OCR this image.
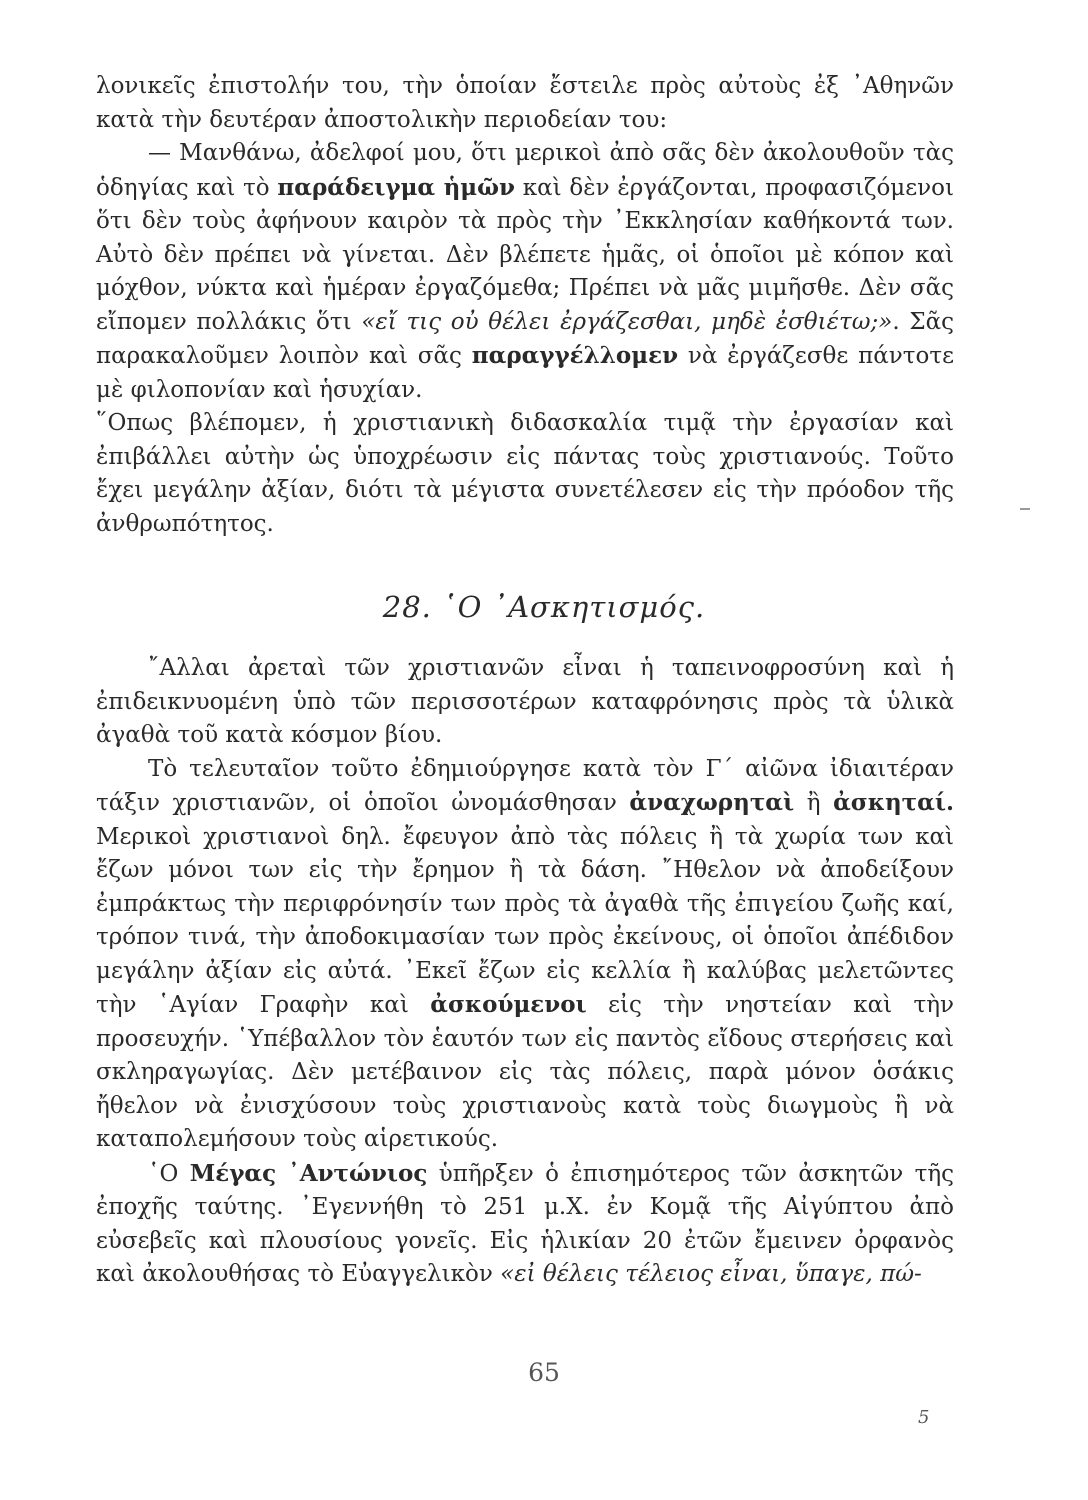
λονικεῖς ἐπιστολήν του, τὴν ὁποίαν ἔστειλε πρὸς αὐτοὺς ἐξ ᾿Αθηνῶν κατὰ τὴν δευτέραν ἀποστολικὴν περιοδείαν του:

— Μανθάνω, ἀδελφοί μου, ὅτι μερικοὶ ἀπὸ σᾶς δὲν ἀκολουθοῦν τὰς ὁδηγίας καὶ τὸ παράδειγμα ἡμῶν καὶ δὲν ἐργάζονται, προφασιζόμενοι ὅτι δὲν τοὺς ἀφήνουν καιρὸν τὰ πρὸς τὴν ᾿Εκκλησίαν καθήκοντά των. Αὐτὸ δὲν πρέπει νὰ γίνεται. Δὲν βλέπετε ἡμᾶς, οἱ ὁποῖοι μὲ κόπον καὶ μόχθον, νύκτα καὶ ἡμέραν ἐργαζόμεθα; Πρέπει νὰ μᾶς μιμῆσθε. Δὲν σᾶς εἴπομεν πολλάκις ὅτι «εἴ τις οὐ θέλει ἐργάζεσθαι, μηδὲ ἐσθιέτω;». Σᾶς παρακαλοῦμεν λοιπὸν καὶ σᾶς παραγγέλλομεν νὰ ἐργάζεσθε πάντοτε μὲ φιλοπονίαν καὶ ἡσυχίαν.

῞Οπως βλέπομεν, ἡ χριστιανικὴ διδασκαλία τιμᾷ τὴν ἐργασίαν καὶ ἐπιβάλλει αὐτὴν ὡς ὑποχρέωσιν εἰς πάντας τοὺς χριστιανούς. Τοῦτο ἔχει μεγάλην ἀξίαν, διότι τὰ μέγιστα συνετέλεσεν εἰς τὴν πρόοδον τῆς ἀνθρωπότητος.

28. ῾Ο ᾿Ασκητισμός.

῎Αλλαι ἀρεταὶ τῶν χριστιανῶν εἶναι ἡ ταπεινοφροσύνη καὶ ἡ ἐπιδεικνυομένη ὑπὸ τῶν περισσοτέρων καταφρόνησις πρὸς τὰ ὑλικὰ ἀγαθὰ τοῦ κατὰ κόσμον βίου.

Τὸ τελευταῖον τοῦτο ἐδημιούργησε κατὰ τὸν Γ´ αἰῶνα ἰδιαιτέραν τάξιν χριστιανῶν, οἱ ὁποῖοι ὠνομάσθησαν ἀναχωρηταὶ ἢ ἀσκηταί. Μερικοὶ χριστιανοὶ δηλ. ἔφευγον ἀπὸ τὰς πόλεις ἢ τὰ χωρία των καὶ ἔζων μόνοι των εἰς τὴν ἔρημον ἢ τὰ δάση. ῎Ηθελον νὰ ἀποδείξουν ἐμπράκτως τὴν περιφρόνησίν των πρὸς τὰ ἀγαθὰ τῆς ἐπιγείου ζωῆς καί, τρόπον τινά, τὴν ἀποδοκιμασίαν των πρὸς ἐκείνους, οἱ ὁποῖοι ἀπέδιδον μεγάλην ἀξίαν εἰς αὐτά. ᾿Εκεῖ ἔζων εἰς κελλία ἢ καλύβας μελετῶντες τὴν ῾Αγίαν Γραφὴν καὶ ἀσκούμενοι εἰς τὴν νηστείαν καὶ τὴν προσευχήν. ῾Υπέβαλλον τὸν ἑαυτόν των εἰς παντὸς εἴδους στερήσεις καὶ σκληραγωγίας. Δὲν μετέβαινον εἰς τὰς πόλεις, παρὰ μόνον ὁσάκις ἤθελον νὰ ἐνισχύσουν τοὺς χριστιανοὺς κατὰ τοὺς διωγμοὺς ἢ νὰ καταπολεμήσουν τοὺς αἱρετικούς.

῾Ο Μέγας ᾿Αντώνιος ὑπῆρξεν ὁ ἐπισημότερος τῶν ἀσκητῶν τῆς ἐποχῆς ταύτης. ᾿Εγεννήθη τὸ 251 μ.Χ. ἐν Κομᾷ τῆς Αἰγύπτου ἀπὸ εὐσεβεῖς καὶ πλουσίους γονεῖς. Εἰς ἡλικίαν 20 ἐτῶν ἔμεινεν ὀρφανὸς καὶ ἀκολουθήσας τὸ Εὐαγγελικὸν «εἰ θέλεις τέλειος εἶναι, ὕπαγε, πώ-

65
5
